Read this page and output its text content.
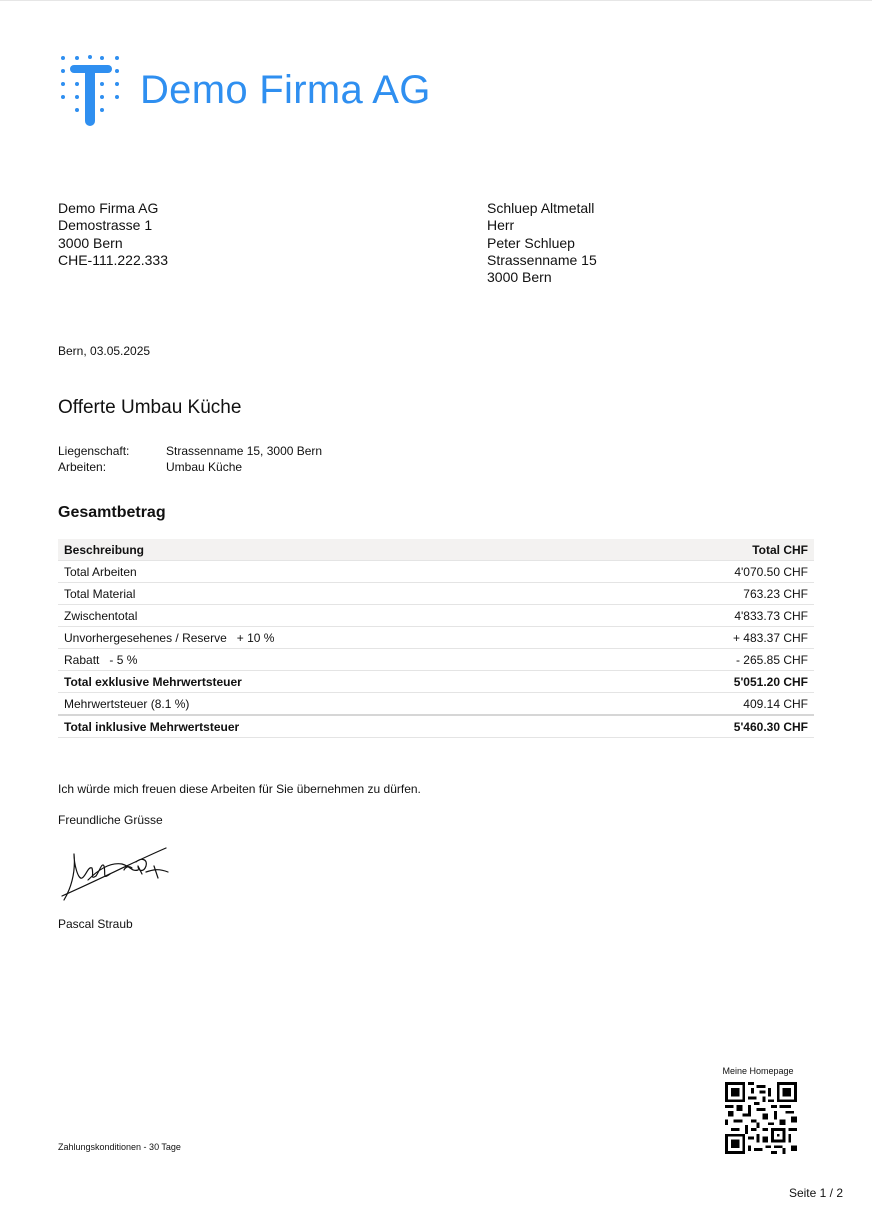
Demo Firma AG
Demo Firma AG
Demostrasse 1
3000 Bern
CHE-111.222.333
Schluep Altmetall
Herr
Peter Schluep
Strassenname 15
3000 Bern
Bern, 03.05.2025
Offerte Umbau Küche
Liegenschaft:	Strassenname 15, 3000 Bern
Arbeiten:	Umbau Küche
Gesamtbetrag
Beschreibung	Total CHF
Total Arbeiten	4'070.50 CHF
Total Material	763.23 CHF
Zwischentotal	4'833.73 CHF
Unvorhergesehenes / Reserve + 10 %	+ 483.37 CHF
Rabatt - 5 %	- 265.85 CHF
Total exklusive Mehrwertsteuer	5'051.20 CHF
Mehrwertsteuer (8.1 %)	409.14 CHF
Total inklusive Mehrwertsteuer	5'460.30 CHF
Ich würde mich freuen diese Arbeiten für Sie übernehmen zu dürfen.
Freundliche Grüsse
Pascal Straub
Zahlungskonditionen - 30 Tage
Meine Homepage
Seite 1 / 2
